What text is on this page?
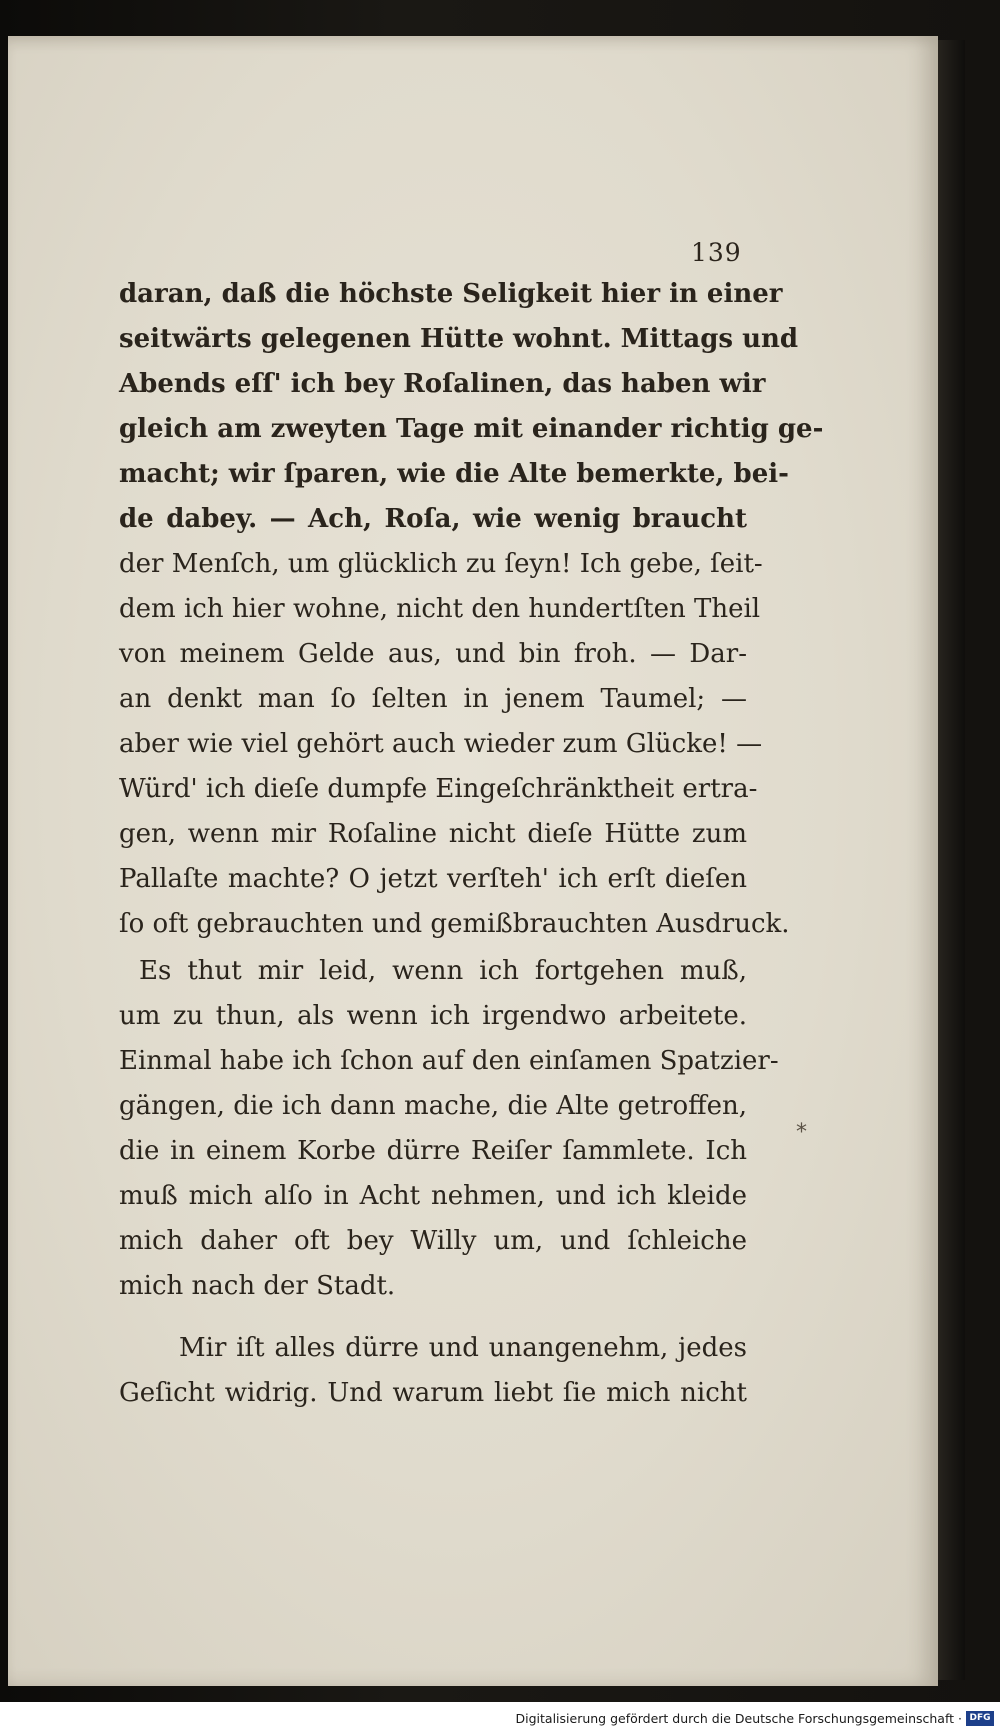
139
daran, daß die höchste Seligkeit hier in einer
seitwärts gelegenen Hütte wohnt. Mittags und
Abends eſſ' ich bey Roſalinen, das haben wir
gleich am zweyten Tage mit einander richtig ge-
macht; wir ſparen, wie die Alte bemerkte, bei-
de dabey. — Ach, Roſa, wie wenig braucht
der Menſch, um glücklich zu ſeyn! Ich gebe, ſeit-
dem ich hier wohne, nicht den hundertſten Theil
von meinem Gelde aus, und bin froh. — Dar-
an denkt man ſo ſelten in jenem Taumel; —
aber wie viel gehört auch wieder zum Glücke! —
Würd' ich dieſe dumpfe Eingeſchränktheit ertra-
gen, wenn mir Roſaline nicht dieſe Hütte zum
Pallaſte machte? O jetzt verſteh' ich erſt dieſen
ſo oft gebrauchten und gemißbrauchten Ausdruck.
Es thut mir leid, wenn ich fortgehen muß,
um zu thun, als wenn ich irgendwo arbeitete.
Einmal habe ich ſchon auf den einſamen Spatzier-
gängen, die ich dann mache, die Alte getroffen,
die in einem Korbe dürre Reiſer ſammlete. Ich
muß mich alſo in Acht nehmen, und ich kleide
mich daher oft bey Willy um, und ſchleiche
mich nach der Stadt.
Mir iſt alles dürre und unangenehm, jedes
Geſicht widrig. Und warum liebt ſie mich nicht
*
Digitalisierung gefördert durch die Deutsche Forschungsgemeinschaft · DFG
